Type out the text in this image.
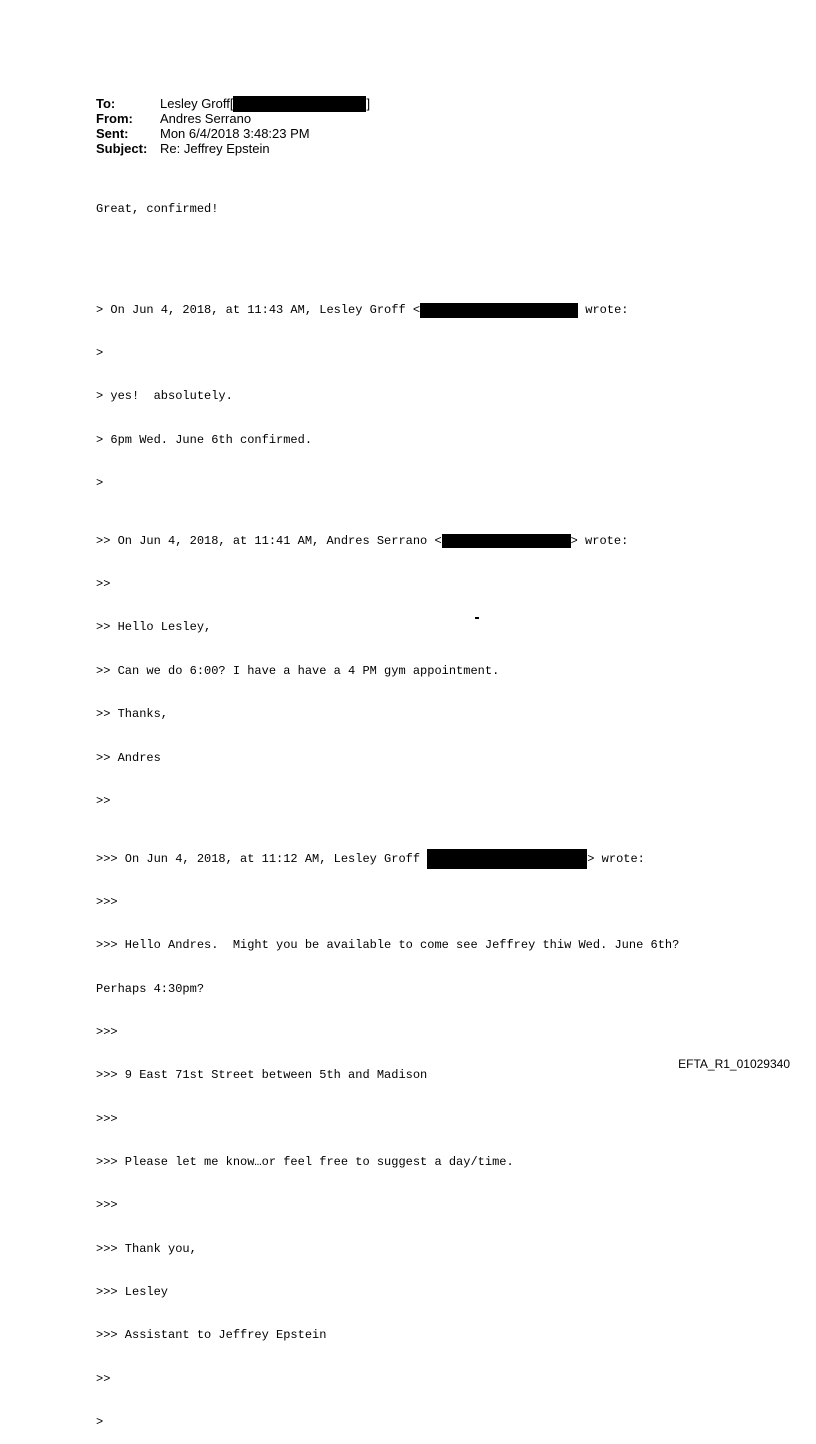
To:	Lesley Groff[	]
From:	Andres Serrano
Sent:	Mon 6/4/2018 3:48:23 PM
Subject: Re: Jeffrey Epstein

Great, confirmed!

> On Jun 4, 2018, at 11:43 AM, Lesley Groff <	wrote:

>

> yes!  absolutely.

> 6pm Wed. June 6th confirmed.

>

>> On Jun 4, 2018, at 11:41 AM, Andres Serrano <	> wrote:

>>

>> Hello Lesley,

>> Can we do 6:00? I have a have a 4 PM gym appointment.

>> Thanks,

>> Andres

>>

>>> On Jun 4, 2018, at 11:12 AM, Lesley Groff	> wrote:

>>>

>>> Hello Andres.  Might you be available to come see Jeffrey thiw Wed. June 6th?

Perhaps 4:30pm?

>>>

>>> 9 East 71st Street between 5th and Madison

>>>

>>> Please let me know…or feel free to suggest a day/time.

>>>

>>> Thank you,

>>> Lesley

>>> Assistant to Jeffrey Epstein

>>

>

EFTA_R1_01029340
